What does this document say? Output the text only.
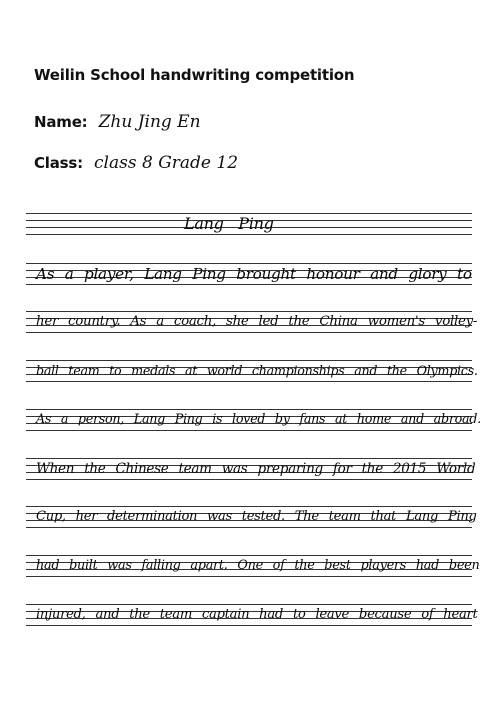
Weilin School handwriting competition
Name: Zhu Jing En
Class: class 8 Grade 12
Lang Ping
As a player, Lang Ping brought honour and glory to
her country. As a coach, she led the China women's volley-
ball team to medals at world championships and the Olympics.
As a person, Lang Ping is loved by fans at home and abroad.
When the Chinese team was preparing for the 2015 World
Cup, her determination was tested. The team that Lang Ping
had built was falling apart. One of the best players had been
injured, and the team captain had to leave because of heart
